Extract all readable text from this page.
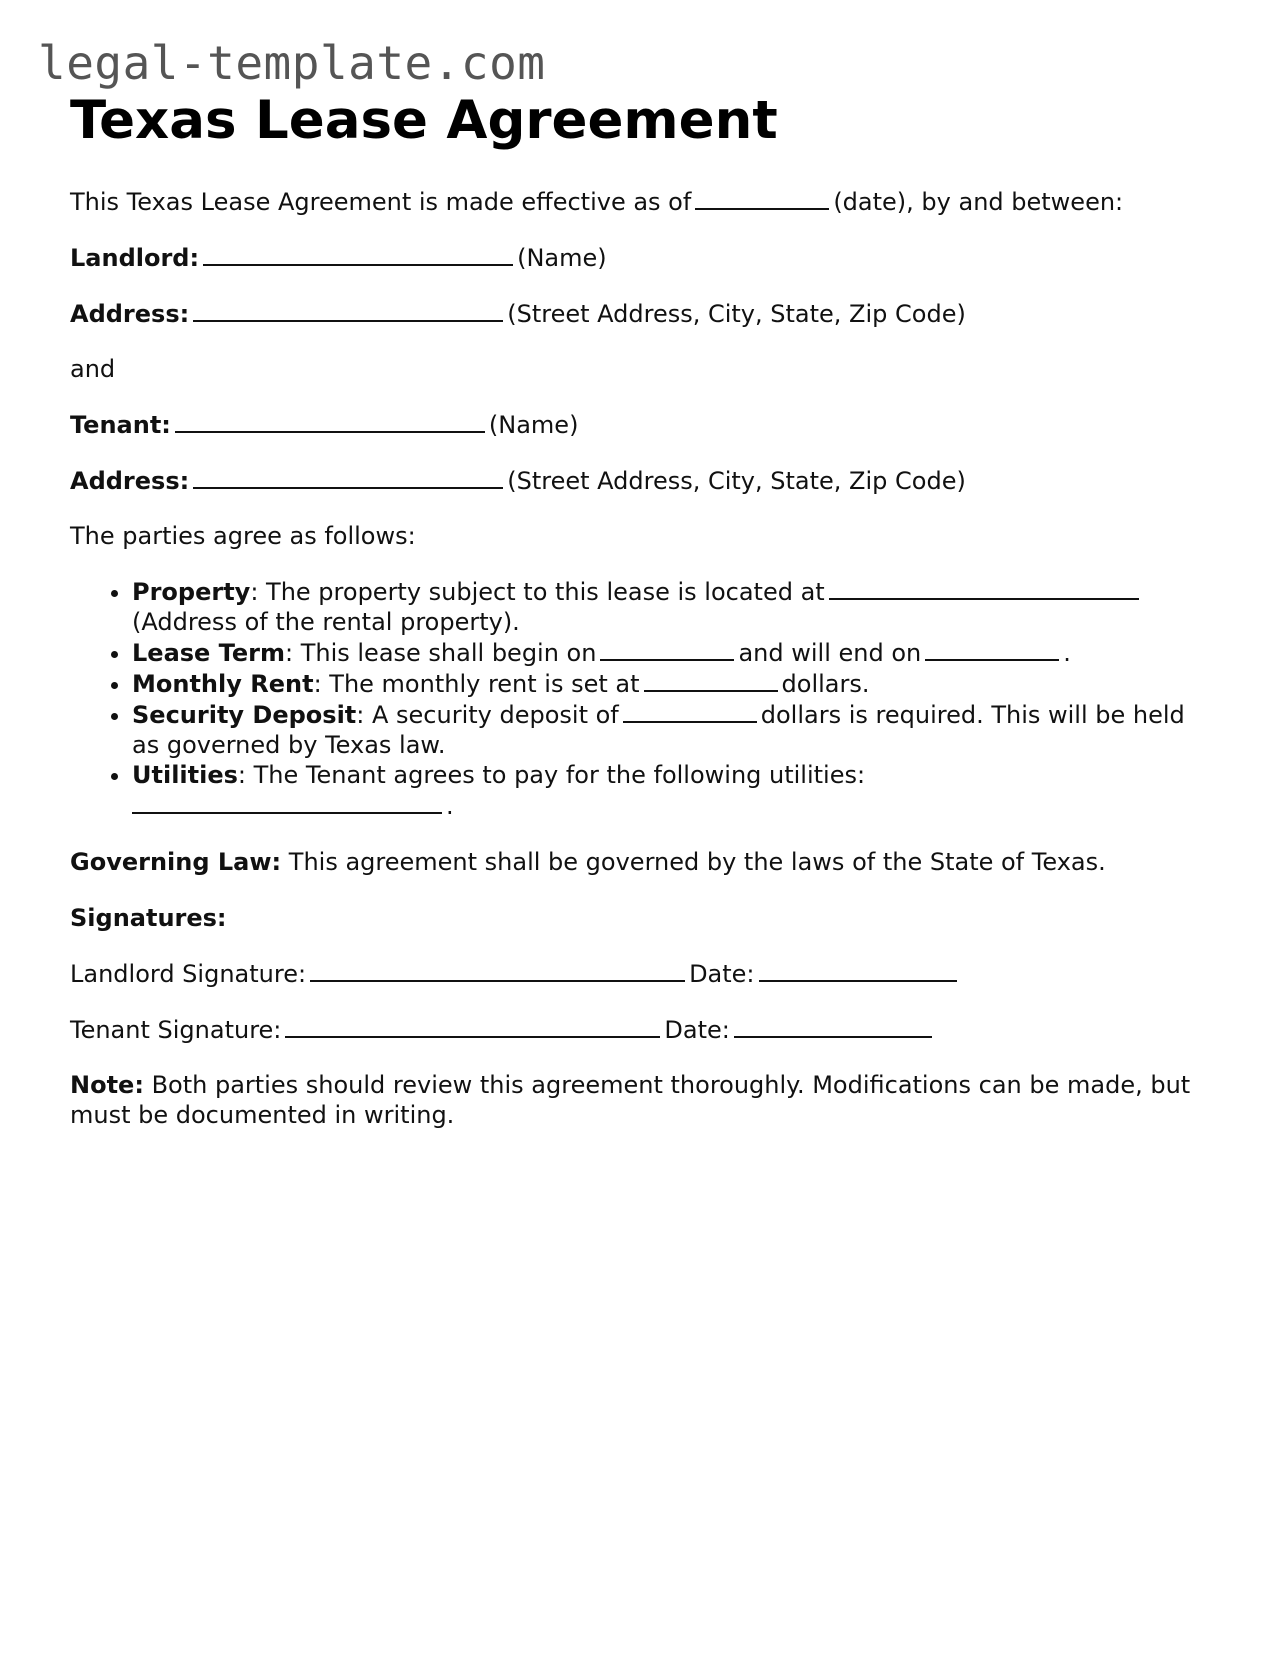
legal-template.com
Texas Lease Agreement

This Texas Lease Agreement is made effective as of	(date), by and between:

Landlord:	(Name)

Address:	(Street Address, City, State, Zip Code)

and

Tenant:	(Name)

Address:	(Street Address, City, State, Zip Code)

The parties agree as follows:

• Property: The property subject to this lease is located at (Address of the rental property).
• Lease Term: This lease shall begin on	and will end on	.
• Monthly Rent: The monthly rent is set at	dollars.
• Security Deposit: A security deposit of	dollars is required. This will be held as governed by Texas law.
• Utilities: The Tenant agrees to pay for the following utilities:
.

Governing Law: This agreement shall be governed by the laws of the State of Texas.

Signatures:

Landlord Signature:	Date:

Tenant Signature:	Date:

Note: Both parties should review this agreement thoroughly. Modifications can be made, but must be documented in writing.
